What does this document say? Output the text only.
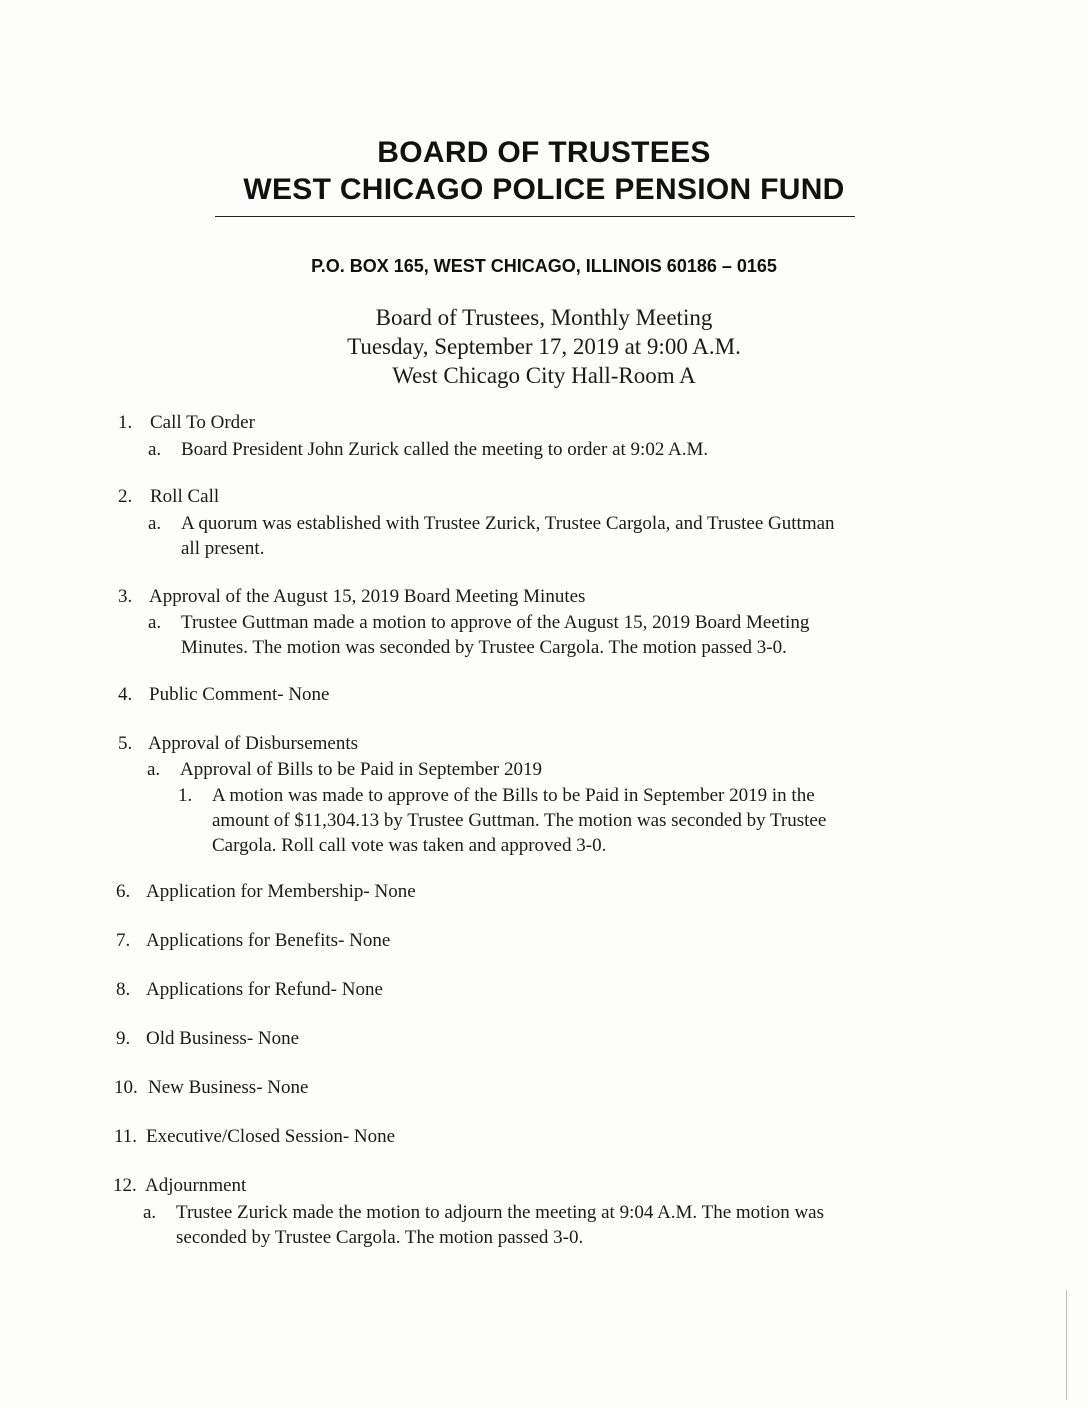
BOARD OF TRUSTEES
WEST CHICAGO POLICE PENSION FUND
P.O. BOX 165, WEST CHICAGO, ILLINOIS 60186 – 0165
Board of Trustees, Monthly Meeting
Tuesday, September 17, 2019 at 9:00 A.M.
West Chicago City Hall-Room A
1. Call To Order
a. Board President John Zurick called the meeting to order at 9:02 A.M.
2. Roll Call
a. A quorum was established with Trustee Zurick, Trustee Cargola, and Trustee Guttman
all present.
3. Approval of the August 15, 2019 Board Meeting Minutes
a. Trustee Guttman made a motion to approve of the August 15, 2019 Board Meeting
Minutes. The motion was seconded by Trustee Cargola. The motion passed 3-0.
4. Public Comment- None
5. Approval of Disbursements
a. Approval of Bills to be Paid in September 2019
1. A motion was made to approve of the Bills to be Paid in September 2019 in the
amount of $11,304.13 by Trustee Guttman. The motion was seconded by Trustee
Cargola. Roll call vote was taken and approved 3-0.
6. Application for Membership- None
7. Applications for Benefits- None
8. Applications for Refund- None
9. Old Business- None
10. New Business- None
11. Executive/Closed Session- None
12. Adjournment
a. Trustee Zurick made the motion to adjourn the meeting at 9:04 A.M. The motion was
seconded by Trustee Cargola. The motion passed 3-0.
